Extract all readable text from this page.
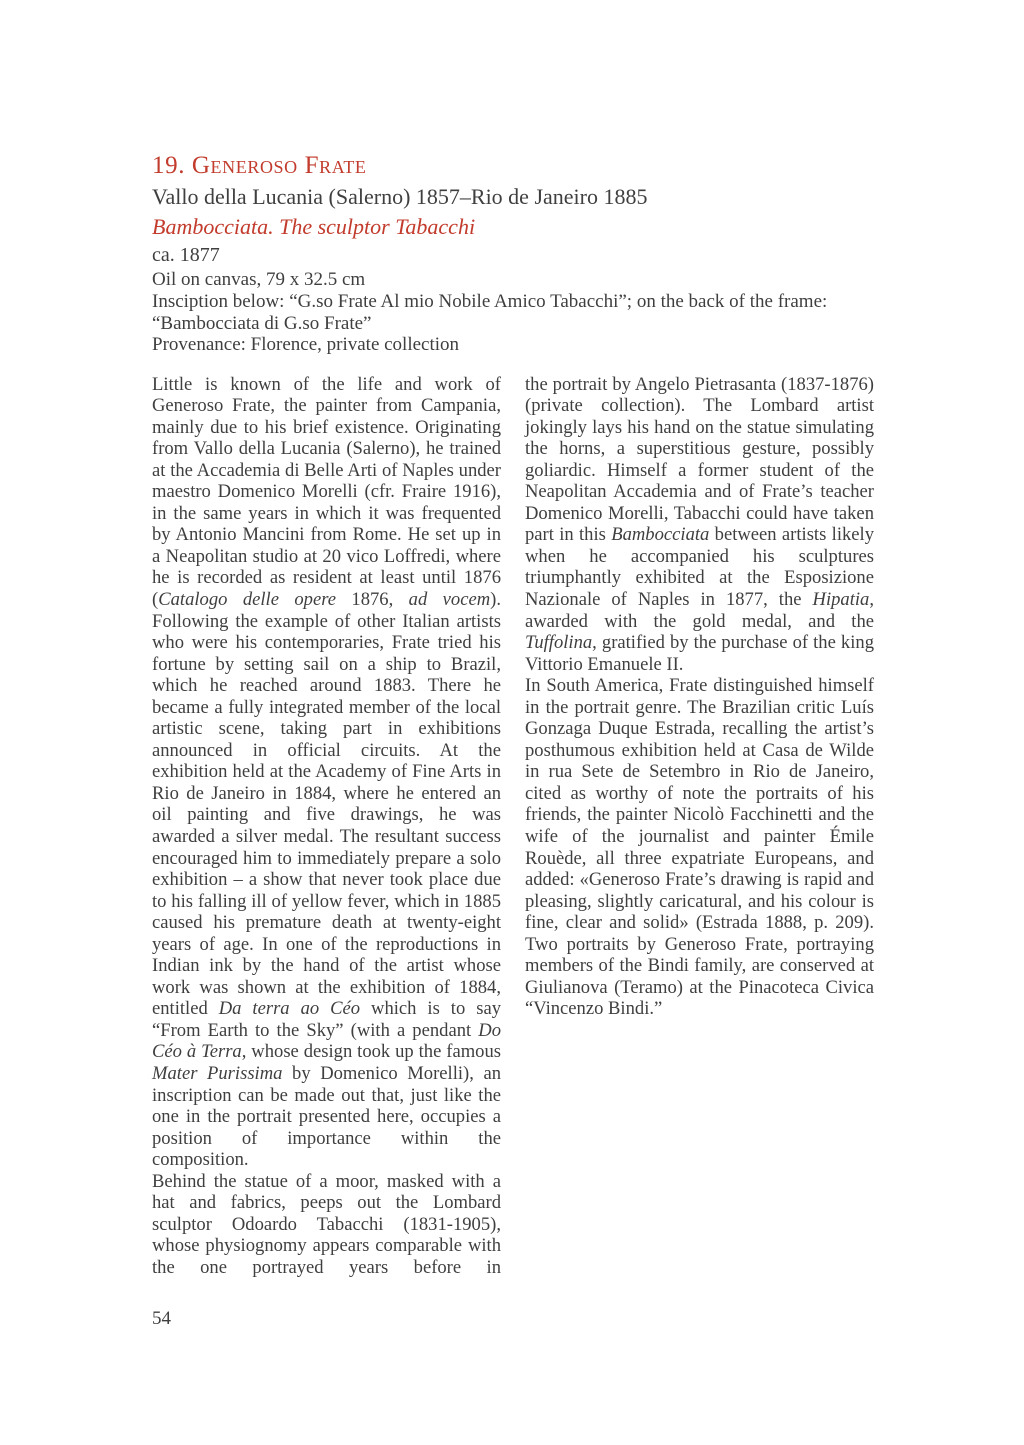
19. Generoso Frate
Vallo della Lucania (Salerno) 1857–Rio de Janeiro 1885
Bambocciata. The sculptor Tabacchi
ca. 1877
Oil on canvas, 79 x 32.5 cm
Insciption below: “G.so Frate Al mio Nobile Amico Tabacchi”; on the back of the frame:
“Bambocciata di G.so Frate”
Provenance: Florence, private collection

Little is known of the life and work of Generoso Frate, the painter from Campania, mainly due to his brief existence. Originating from Vallo della Lucania (Salerno), he trained at the Accademia di Belle Arti of Naples under maestro Domenico Morelli (cfr. Fraire 1916), in the same years in which it was frequented by Antonio Mancini from Rome. He set up in a Neapolitan studio at 20 vico Loffredi, where he is recorded as resident at least until 1876 (Catalogo delle opere 1876, ad vocem). Following the example of other Italian artists who were his contemporaries, Frate tried his fortune by setting sail on a ship to Brazil, which he reached around 1883. There he became a fully integrated member of the local artistic scene, taking part in exhibitions announced in official circuits. At the exhibition held at the Academy of Fine Arts in Rio de Janeiro in 1884, where he entered an oil painting and five drawings, he was awarded a silver medal. The resultant success encouraged him to immediately prepare a solo exhibition – a show that never took place due to his falling ill of yellow fever, which in 1885 caused his premature death at twenty-eight years of age. In one of the reproductions in Indian ink by the hand of the artist whose work was shown at the exhibition of 1884, entitled Da terra ao Céo which is to say “From Earth to the Sky” (with a pendant Do Céo à Terra, whose design took up the famous Mater Purissima by Domenico Morelli), an inscription can be made out that, just like the one in the portrait presented here, occupies a position of importance within the composition.

Behind the statue of a moor, masked with a hat and fabrics, peeps out the Lombard sculptor Odoardo Tabacchi (1831-1905), whose physiognomy appears comparable with the one portrayed years before in

the portrait by Angelo Pietrasanta (1837-1876) (private collection). The Lombard artist jokingly lays his hand on the statue simulating the horns, a superstitious gesture, possibly goliardic. Himself a former student of the Neapolitan Accademia and of Frate’s teacher Domenico Morelli, Tabacchi could have taken part in this Bambocciata between artists likely when he accompanied his sculptures triumphantly exhibited at the Esposizione Nazionale of Naples in 1877, the Hipatia, awarded with the gold medal, and the Tuffolina, gratified by the purchase of the king Vittorio Emanuele II.

In South America, Frate distinguished himself in the portrait genre. The Brazilian critic Luís Gonzaga Duque Estrada, recalling the artist’s posthumous exhibition held at Casa de Wilde in rua Sete de Setembro in Rio de Janeiro, cited as worthy of note the portraits of his friends, the painter Nicolò Facchinetti and the wife of the journalist and painter Émile Rouède, all three expatriate Europeans, and added: «Generoso Frate’s drawing is rapid and pleasing, slightly caricatural, and his colour is fine, clear and solid» (Estrada 1888, p. 209). Two portraits by Generoso Frate, portraying members of the Bindi family, are conserved at Giulianova (Teramo) at the Pinacoteca Civica “Vincenzo Bindi.”

54
